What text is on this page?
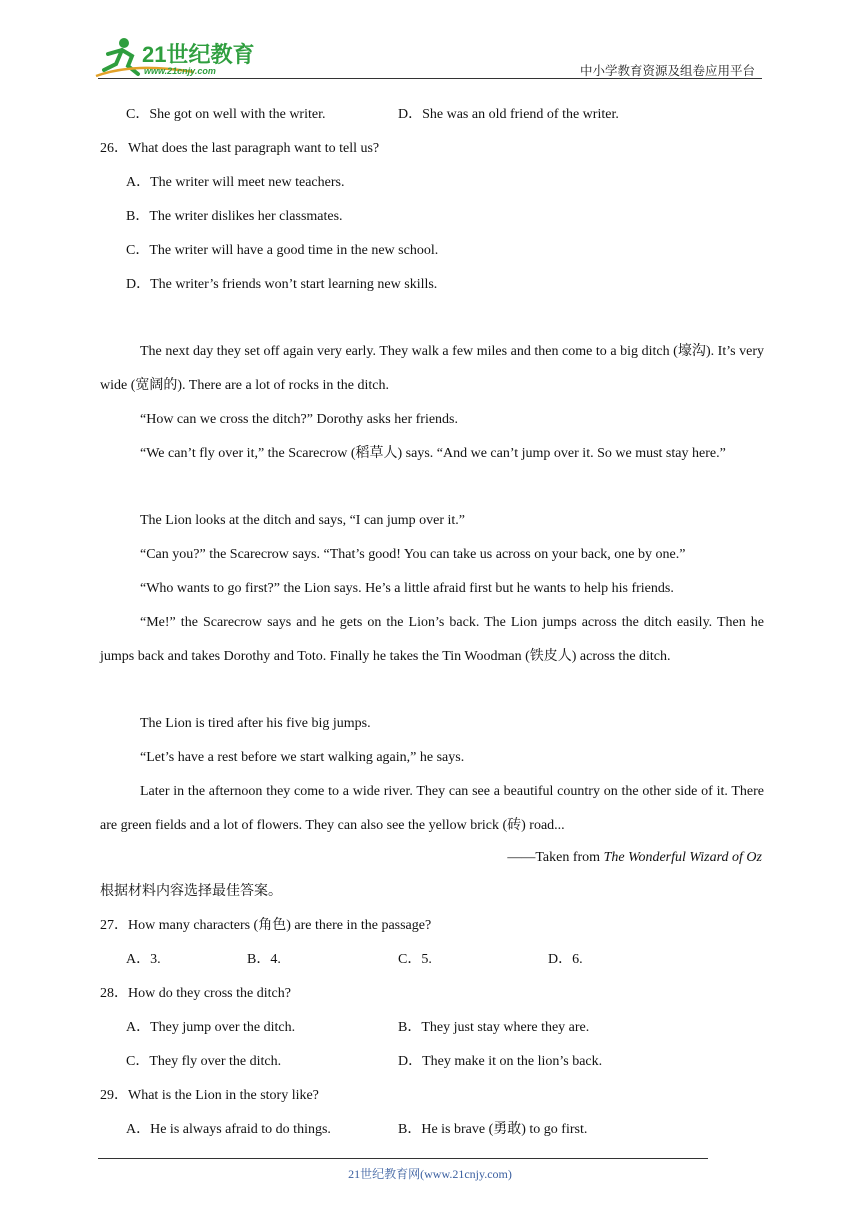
21世纪教育
www.21cnjy.com	中小学教育资源及组卷应用平台
C．She got on well with the writer.	D．She was an old friend of the writer.
26．What does the last paragraph want to tell us?
A．The writer will meet new teachers.
B．The writer dislikes her classmates.
C．The writer will have a good time in the new school.
D．The writer’s friends won’t start learning new skills.
The next day they set off again very early. They walk a few miles and then come to a big ditch (壕沟). It’s very wide (宽阔的). There are a lot of rocks in the ditch.
“How can we cross the ditch?” Dorothy asks her friends.
“We can’t fly over it,” the Scarecrow (稻草人) says. “And we can’t jump over it. So we must stay here.”
The Lion looks at the ditch and says, “I can jump over it.”
“Can you?” the Scarecrow says. “That’s good! You can take us across on your back, one by one.”
“Who wants to go first?” the Lion says. He’s a little afraid first but he wants to help his friends.
“Me!” the Scarecrow says and he gets on the Lion’s back. The Lion jumps across the ditch easily. Then he jumps back and takes Dorothy and Toto. Finally he takes the Tin Woodman (铁皮人) across the ditch.
The Lion is tired after his five big jumps.
“Let’s have a rest before we start walking again,” he says.
Later in the afternoon they come to a wide river. They can see a beautiful country on the other side of it. There are green fields and a lot of flowers. They can also see the yellow brick (砖) road...
——Taken from The Wonderful Wizard of Oz
根据材料内容选择最佳答案。
27．How many characters (角色) are there in the passage?
A．3.	B．4.	C．5.	D．6.
28．How do they cross the ditch?
A．They jump over the ditch.	B．They just stay where they are.
C．They fly over the ditch.	D．They make it on the lion’s back.
29．What is the Lion in the story like?
A．He is always afraid to do things.	B．He is brave (勇敢) to go first.
21世纪教育网(www.21cnjy.com)
